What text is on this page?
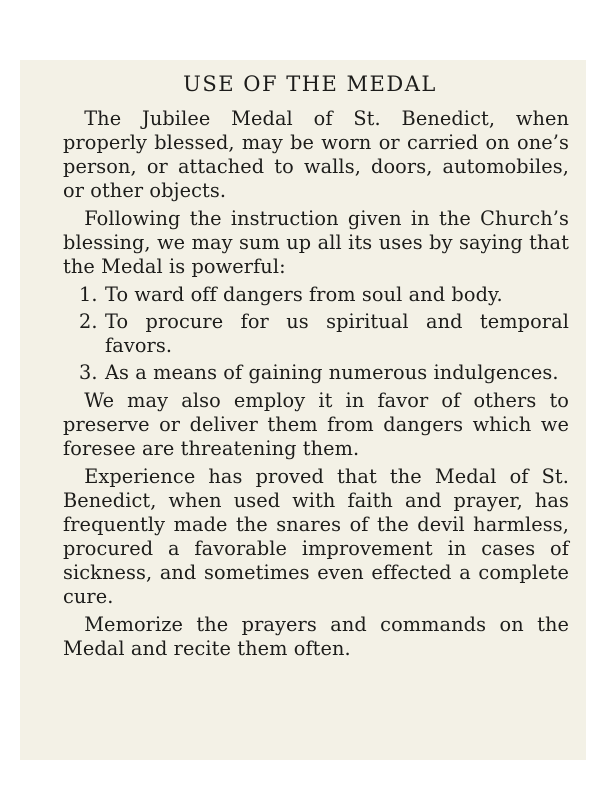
USE OF THE MEDAL

The Jubilee Medal of St. Benedict, when properly blessed, may be worn or carried on one’s person, or attached to walls, doors, automobiles, or other objects.

Following the instruction given in the Church’s blessing, we may sum up all its uses by saying that the Medal is powerful:

1. To ward off dangers from soul and body.
2. To procure for us spiritual and temporal favors.
3. As a means of gaining numerous indulgences.

We may also employ it in favor of others to preserve or deliver them from dangers which we foresee are threatening them.

Experience has proved that the Medal of St. Benedict, when used with faith and prayer, has frequently made the snares of the devil harmless, procured a favorable improvement in cases of sickness, and sometimes even effected a complete cure.

Memorize the prayers and commands on the Medal and recite them often.
